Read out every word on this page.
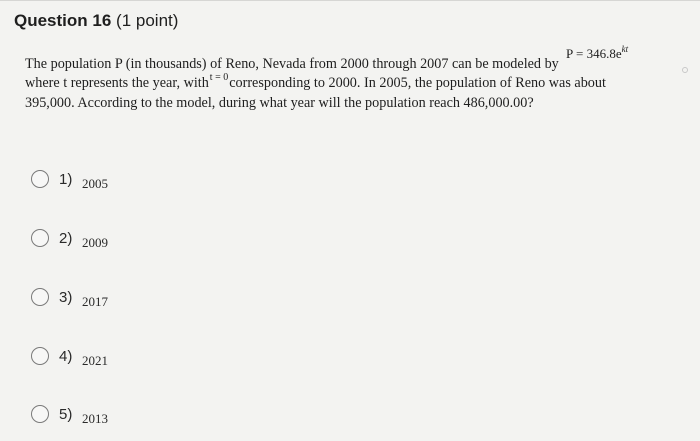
Question 16 (1 point)
$P = 346.8e^{kt}$
The population P (in thousands) of Reno, Nevada from 2000 through 2007 can be modeled by
where t represents the year, witht = 0corresponding to 2000. In 2005, the population of Reno was about
395,000. According to the model, during what year will the population reach 486,000.00?
1) 2005
2) 2009
3) 2017
4) 2021
5) 2013
